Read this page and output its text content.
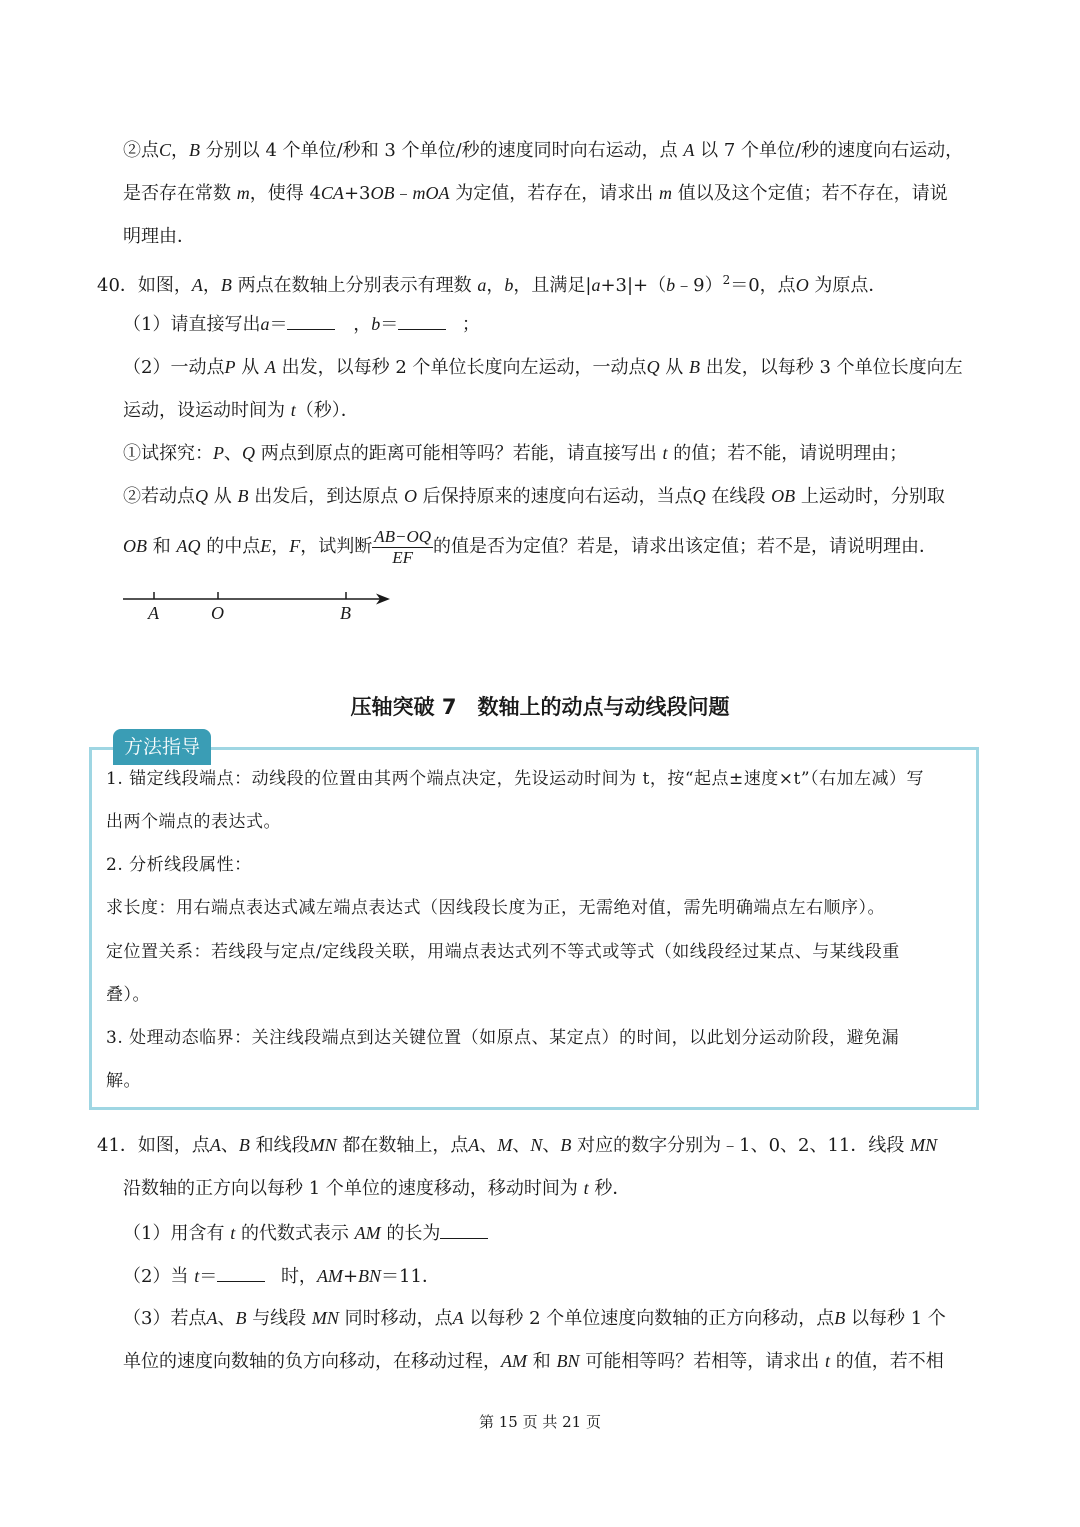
②点C，B 分别以 4 个单位/秒和 3 个单位/秒的速度同时向右运动，点 A 以 7 个单位/秒的速度向右运动，
是否存在常数 m，使得 4CA+3OB﹣mOA 为定值，若存在，请求出 m 值以及这个定值；若不存在，请说
明理由．
40．如图，A，B 两点在数轴上分别表示有理数 a，b，且满足|a+3|+（b﹣9）$^2$＝0，点O 为原点．
（1）请直接写出a＝	，b＝	；
（2）一动点P 从 A 出发，以每秒 2 个单位长度向左运动，一动点Q 从 B 出发，以每秒 3 个单位长度向左
运动，设运动时间为 t（秒）．
①试探究：P、Q 两点到原点的距离可能相等吗？若能，请直接写出 t 的值；若不能，请说明理由；
②若动点Q 从 B 出发后，到达原点 O 后保持原来的速度向右运动，当点Q 在线段 OB 上运动时，分别取
OB 和 AQ 的中点E，F，试判断 $\frac{AB-OQ}{EF}$ 的值是否为定值？若是，请求出该定值；若不是，请说明理由．
A	O	B
压轴突破 7　数轴上的动点与动线段问题
方法指导
1. 锚定线段端点：动线段的位置由其两个端点决定，先设运动时间为 t，按“起点±速度×t”（右加左减）写
出两个端点的表达式。
2. 分析线段属性：
求长度：用右端点表达式减左端点表达式（因线段长度为正，无需绝对值，需先明确端点左右顺序）。
定位置关系：若线段与定点/定线段关联，用端点表达式列不等式或等式（如线段经过某点、与某线段重
叠）。
3. 处理动态临界：关注线段端点到达关键位置（如原点、某定点）的时间，以此划分运动阶段，避免漏
解。
41．如图，点A、B 和线段MN 都在数轴上，点A、M、N、B 对应的数字分别为﹣1、0、2、11．线段 MN
沿数轴的正方向以每秒 1 个单位的速度移动，移动时间为 t 秒．
（1）用含有 t 的代数式表示 AM 的长为
（2）当 t＝	时，AM+BN＝11．
（3）若点A、B 与线段 MN 同时移动，点A 以每秒 2 个单位速度向数轴的正方向移动，点B 以每秒 1 个
单位的速度向数轴的负方向移动，在移动过程，AM 和 BN 可能相等吗？若相等，请求出 t 的值，若不相
第 15 页 共 21 页
